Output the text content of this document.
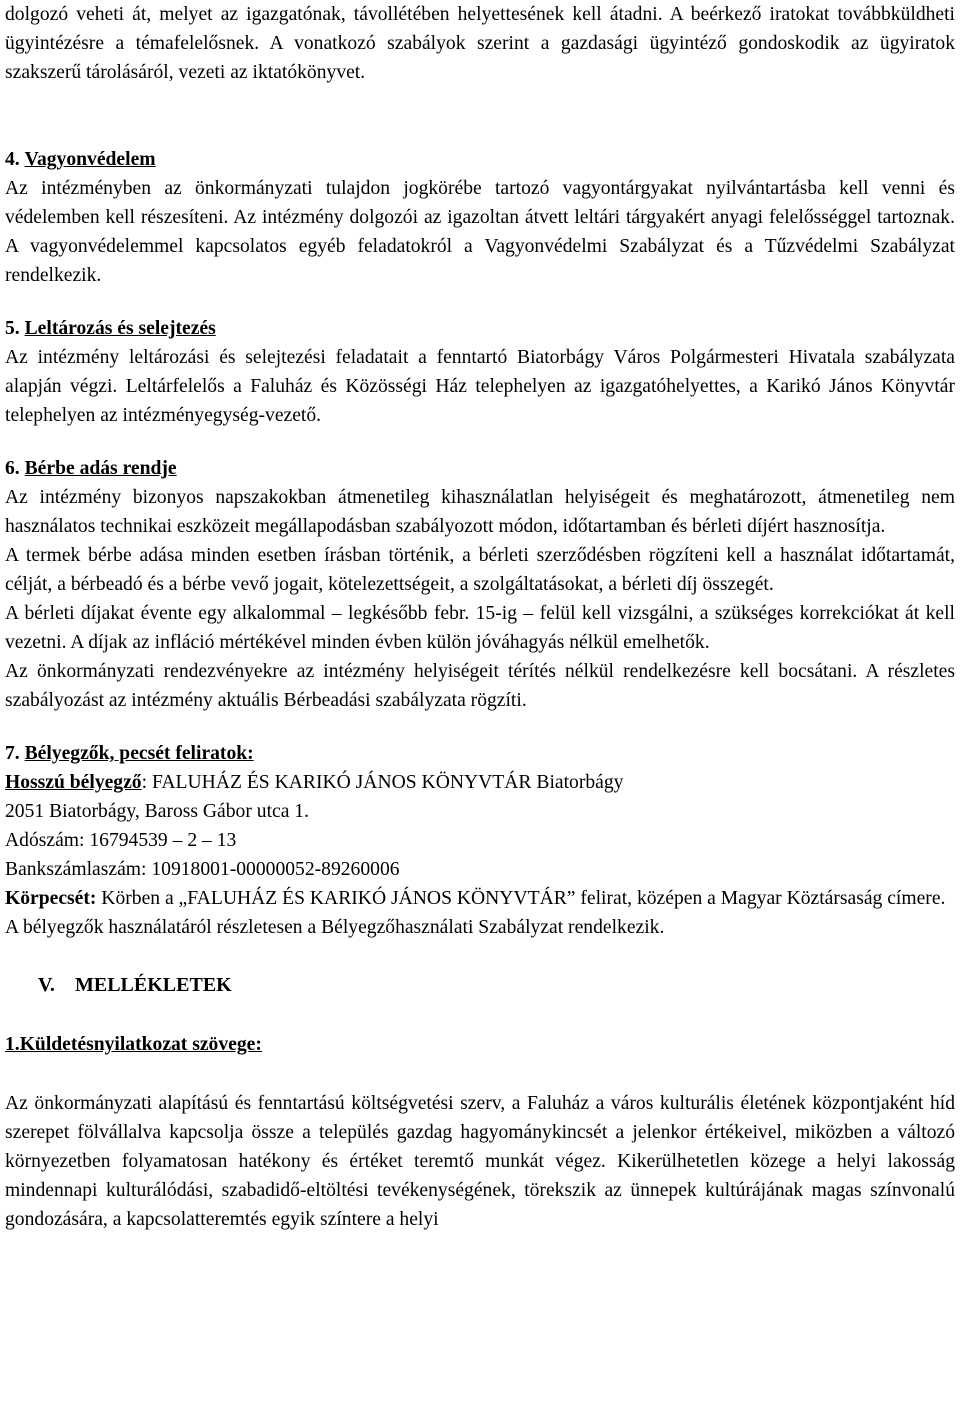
dolgozó veheti át, melyet az igazgatónak, távollétében helyettesének kell átadni. A beérkező iratokat továbbküldheti ügyintézésre a témafelelősnek. A vonatkozó szabályok szerint a gazdasági ügyintéző gondoskodik az ügyiratok szakszerű tárolásáról, vezeti az iktatókönyvet.

4. Vagyonvédelem

Az intézményben az önkormányzati tulajdon jogkörébe tartozó vagyontárgyakat nyilvántartásba kell venni és védelemben kell részesíteni. Az intézmény dolgozói az igazoltan átvett leltári tárgyakért anyagi felelősséggel tartoznak. A vagyonvédelemmel kapcsolatos egyéb feladatokról a Vagyonvédelmi Szabályzat és a Tűzvédelmi Szabályzat rendelkezik.

5. Leltározás és selejtezés

Az intézmény leltározási és selejtezési feladatait a fenntartó Biatorbágy Város Polgármesteri Hivatala szabályzata alapján végzi. Leltárfelelős a Faluház és Közösségi Ház telephelyen az igazgatóhelyettes, a Karikó János Könyvtár telephelyen az intézményegység-vezető.

6. Bérbe adás rendje

Az intézmény bizonyos napszakokban átmenetileg kihasználatlan helyiségeit és meghatározott, átmenetileg nem használatos technikai eszközeit megállapodásban szabályozott módon, időtartamban és bérleti díjért hasznosítja.

A termek bérbe adása minden esetben írásban történik, a bérleti szerződésben rögzíteni kell a használat időtartamát, célját, a bérbeadó és a bérbe vevő jogait, kötelezettségeit, a szolgáltatásokat, a bérleti díj összegét.

A bérleti díjakat évente egy alkalommal – legkésőbb febr. 15-ig – felül kell vizsgálni, a szükséges korrekciókat át kell vezetni. A díjak az infláció mértékével minden évben külön jóváhagyás nélkül emelhetők.

Az önkormányzati rendezvényekre az intézmény helyiségeit térítés nélkül rendelkezésre kell bocsátani. A részletes szabályozást az intézmény aktuális Bérbeadási szabályzata rögzíti.

7. Bélyegzők, pecsét feliratok:

Hosszú bélyegző: FALUHÁZ ÉS KARIKÓ JÁNOS KÖNYVTÁR Biatorbágy

2051 Biatorbágy, Baross Gábor utca 1.

Adószám: 16794539 – 2 – 13

Bankszámlaszám: 10918001-00000052-89260006

Körpecsét: Körben a „FALUHÁZ ÉS KARIKÓ JÁNOS KÖNYVTÁR” felirat, középen a Magyar Köztársaság címere.

A bélyegzők használatáról részletesen a Bélyegzőhasználati Szabályzat rendelkezik.

V. MELLÉKLETEK

1.Küldetésnyilatkozat szövege:

Az önkormányzati alapítású és fenntartású költségvetési szerv, a Faluház a város kulturális életének központjaként híd szerepet fölvállalva kapcsolja össze a település gazdag hagyománykincsét a jelenkor értékeivel, miközben a változó környezetben folyamatosan hatékony és értéket teremtő munkát végez. Kikerülhetetlen közege a helyi lakosság mindennapi kulturálódási, szabadidő-eltöltési tevékenységének, törekszik az ünnepek kultúrájának magas színvonalú gondozására, a kapcsolatteremtés egyik színtere a helyi
